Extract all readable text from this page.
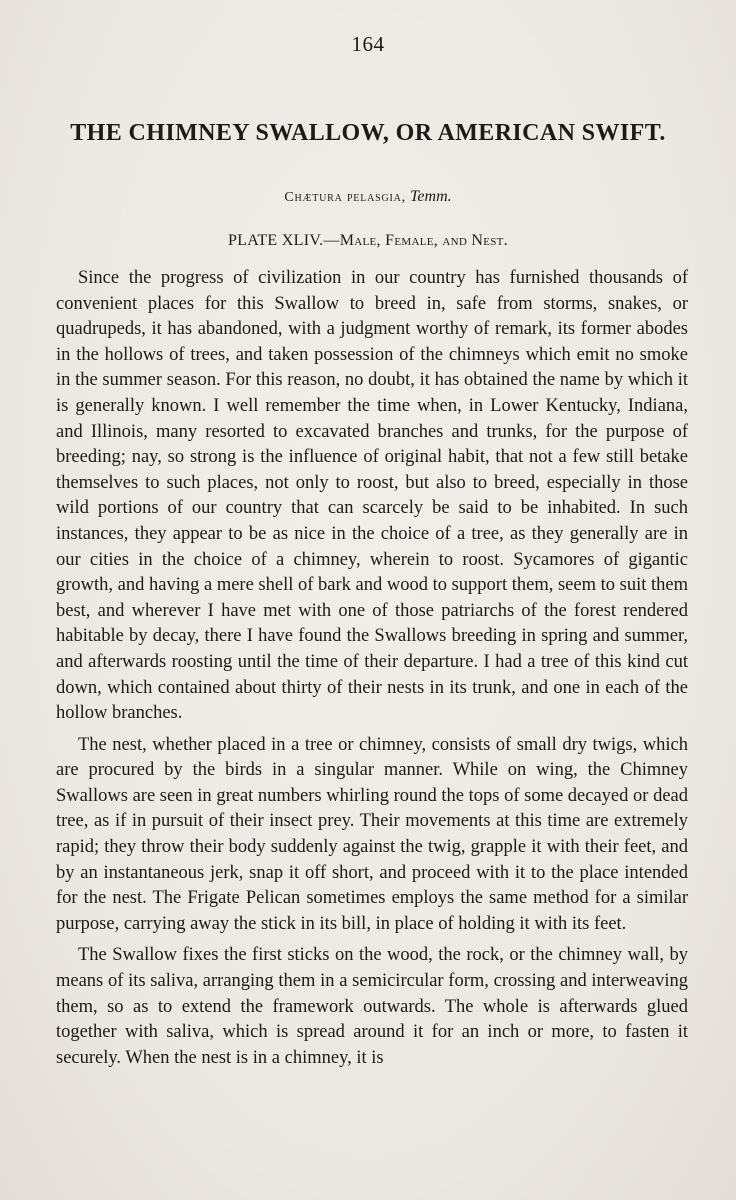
164
THE CHIMNEY SWALLOW, OR AMERICAN SWIFT.
Chætura pelasgia, Temm.
PLATE XLIV.—Male, Female, and Nest.

Since the progress of civilization in our country has furnished thousands of convenient places for this Swallow to breed in, safe from storms, snakes, or quadrupeds, it has abandoned, with a judgment worthy of remark, its former abodes in the hollows of trees, and taken possession of the chimneys which emit no smoke in the summer season. For this reason, no doubt, it has obtained the name by which it is generally known. I well remember the time when, in Lower Kentucky, Indiana, and Illinois, many resorted to excavated branches and trunks, for the purpose of breeding; nay, so strong is the influence of original habit, that not a few still betake themselves to such places, not only to roost, but also to breed, especially in those wild portions of our country that can scarcely be said to be inhabited. In such instances, they appear to be as nice in the choice of a tree, as they generally are in our cities in the choice of a chimney, wherein to roost. Sycamores of gigantic growth, and having a mere shell of bark and wood to support them, seem to suit them best, and wherever I have met with one of those patriarchs of the forest rendered habitable by decay, there I have found the Swallows breeding in spring and summer, and afterwards roosting until the time of their departure. I had a tree of this kind cut down, which contained about thirty of their nests in its trunk, and one in each of the hollow branches.

The nest, whether placed in a tree or chimney, consists of small dry twigs, which are procured by the birds in a singular manner. While on wing, the Chimney Swallows are seen in great numbers whirling round the tops of some decayed or dead tree, as if in pursuit of their insect prey. Their movements at this time are extremely rapid; they throw their body suddenly against the twig, grapple it with their feet, and by an instantaneous jerk, snap it off short, and proceed with it to the place intended for the nest. The Frigate Pelican sometimes employs the same method for a similar purpose, carrying away the stick in its bill, in place of holding it with its feet.

The Swallow fixes the first sticks on the wood, the rock, or the chimney wall, by means of its saliva, arranging them in a semicircular form, crossing and interweaving them, so as to extend the framework outwards. The whole is afterwards glued together with saliva, which is spread around it for an inch or more, to fasten it securely. When the nest is in a chimney, it is
